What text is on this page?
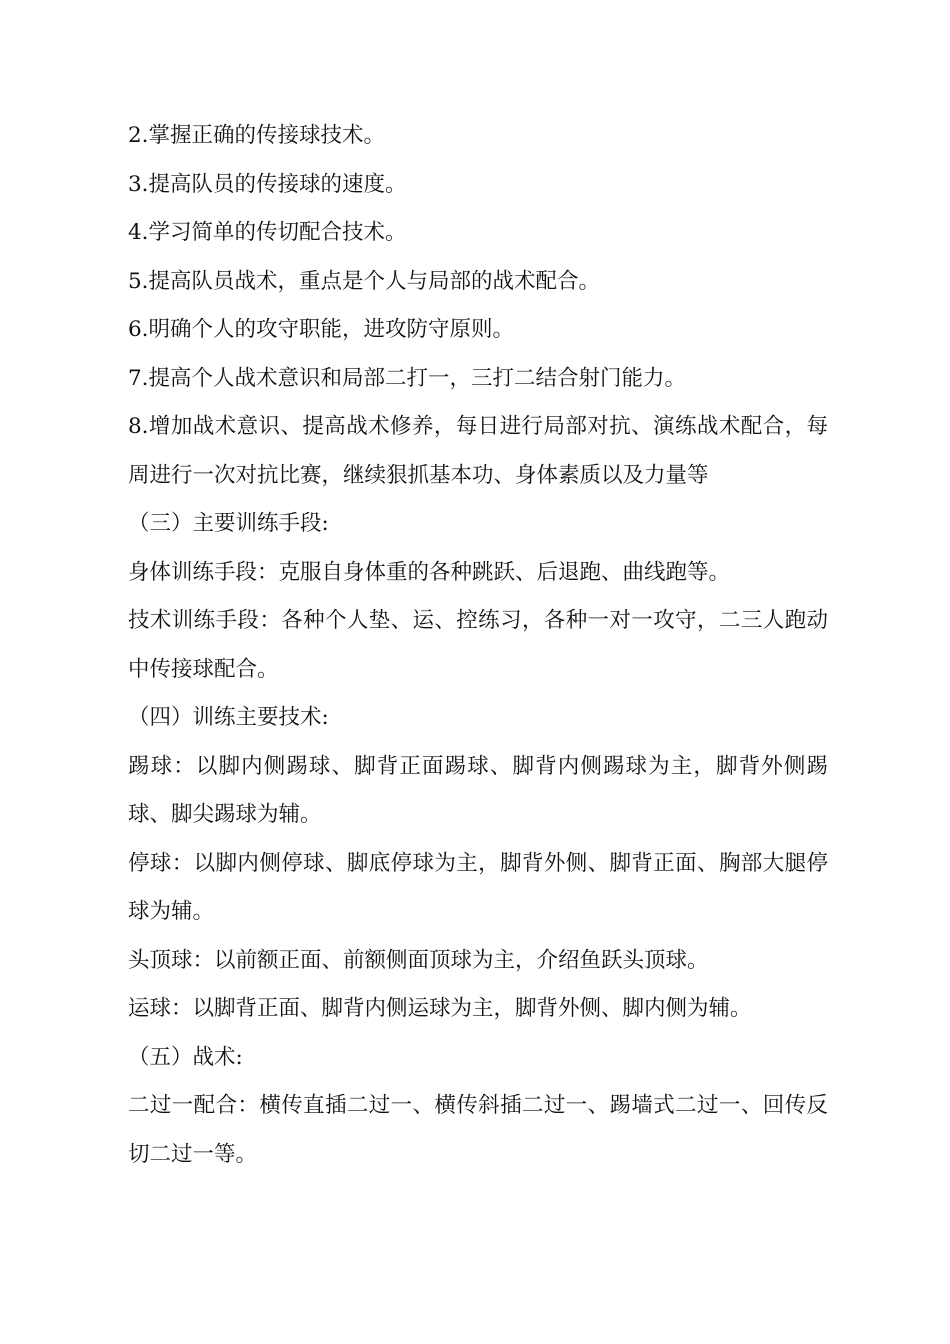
2.掌握正确的传接球技术。

3.提高队员的传接球的速度。

4.学习简单的传切配合技术。

5.提高队员战术，重点是个人与局部的战术配合。

6.明确个人的攻守职能，进攻防守原则。

7.提高个人战术意识和局部二打一，三打二结合射门能力。

8.增加战术意识、提高战术修养，每日进行局部对抗、演练战术配合，每周进行一次对抗比赛，继续狠抓基本功、身体素质以及力量等

（三）主要训练手段:

身体训练手段：克服自身体重的各种跳跃、后退跑、曲线跑等。

技术训练手段：各种个人垫、运、控练习，各种一对一攻守，二三人跑动中传接球配合。

（四）训练主要技术:

踢球：以脚内侧踢球、脚背正面踢球、脚背内侧踢球为主，脚背外侧踢球、脚尖踢球为辅。

停球：以脚内侧停球、脚底停球为主，脚背外侧、脚背正面、胸部大腿停球为辅。

头顶球：以前额正面、前额侧面顶球为主，介绍鱼跃头顶球。

运球：以脚背正面、脚背内侧运球为主，脚背外侧、脚内侧为辅。

（五）战术:

二过一配合：横传直插二过一、横传斜插二过一、踢墙式二过一、回传反切二过一等。
